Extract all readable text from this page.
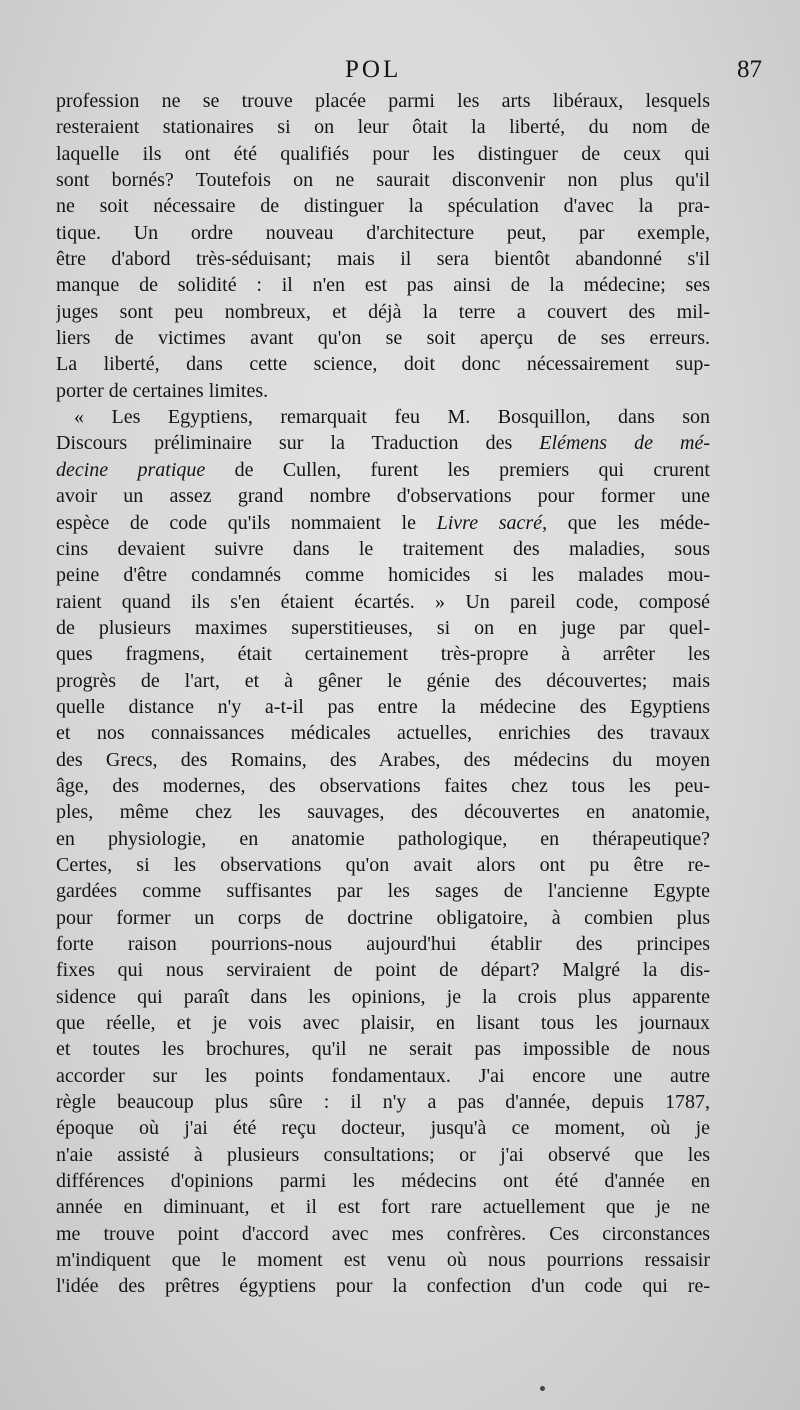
POL	87
profession ne se trouve placée parmi les arts libéraux, lesquels
resteraient stationaires si on leur ôtait la liberté, du nom de
laquelle ils ont été qualifiés pour les distinguer de ceux qui
sont bornés? Toutefois on ne saurait disconvenir non plus qu'il
ne soit nécessaire de distinguer la spéculation d'avec la pra-
tique. Un ordre nouveau d'architecture peut, par exemple,
être d'abord très-séduisant; mais il sera bientôt abandonné s'il
manque de solidité : il n'en est pas ainsi de la médecine; ses
juges sont peu nombreux, et déjà la terre a couvert des mil-
liers de victimes avant qu'on se soit aperçu de ses erreurs.
La liberté, dans cette science, doit donc nécessairement sup-
porter de certaines limites.
« Les Egyptiens, remarquait feu M. Bosquillon, dans son
Discours préliminaire sur la Traduction des Elémens de mé-
decine pratique de Cullen, furent les premiers qui crurent
avoir un assez grand nombre d'observations pour former une
espèce de code qu'ils nommaient le Livre sacré, que les méde-
cins devaient suivre dans le traitement des maladies, sous
peine d'être condamnés comme homicides si les malades mou-
raient quand ils s'en étaient écartés. » Un pareil code, composé
de plusieurs maximes superstitieuses, si on en juge par quel-
ques fragmens, était certainement très-propre à arrêter les
progrès de l'art, et à gêner le génie des découvertes; mais
quelle distance n'y a-t-il pas entre la médecine des Egyptiens
et nos connaissances médicales actuelles, enrichies des travaux
des Grecs, des Romains, des Arabes, des médecins du moyen
âge, des modernes, des observations faites chez tous les peu-
ples, même chez les sauvages, des découvertes en anatomie,
en physiologie, en anatomie pathologique, en thérapeutique?
Certes, si les observations qu'on avait alors ont pu être re-
gardées comme suffisantes par les sages de l'ancienne Egypte
pour former un corps de doctrine obligatoire, à combien plus
forte raison pourrions-nous aujourd'hui établir des principes
fixes qui nous serviraient de point de départ? Malgré la dis-
sidence qui paraît dans les opinions, je la crois plus apparente
que réelle, et je vois avec plaisir, en lisant tous les journaux
et toutes les brochures, qu'il ne serait pas impossible de nous
accorder sur les points fondamentaux. J'ai encore une autre
règle beaucoup plus sûre : il n'y a pas d'année, depuis 1787,
époque où j'ai été reçu docteur, jusqu'à ce moment, où je
n'aie assisté à plusieurs consultations; or j'ai observé que les
différences d'opinions parmi les médecins ont été d'année en
année en diminuant, et il est fort rare actuellement que je ne
me trouve point d'accord avec mes confrères. Ces circonstances
m'indiquent que le moment est venu où nous pourrions ressaisir
l'idée des prêtres égyptiens pour la confection d'un code qui re-
